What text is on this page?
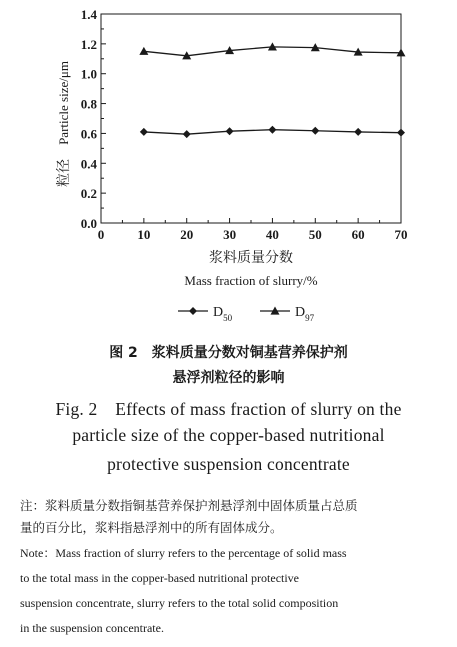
0.0
0.2
0.4
0.6
0.8
1.0
1.2
1.4
0	10 20 30 40 50 60 70
浆料质量分数
Mass fraction of slurry/%
粒径
Particle size/μm
$D_{50}$	$D_{97}$
图 2　浆料质量分数对铜基营养保护剂
悬浮剂粒径的影响
Fig. 2　Effects of mass fraction of slurry on the
particle size of the copper-based nutritional
protective suspension concentrate
注：浆料质量分数指铜基营养保护剂悬浮剂中固体质量占总质
量的百分比，浆料指悬浮剂中的所有固体成分。
Note：Mass fraction of slurry refers to the percentage of solid mass
to the total mass in the copper-based nutritional protective
suspension concentrate, slurry refers to the total solid composition
in the suspension concentrate.
